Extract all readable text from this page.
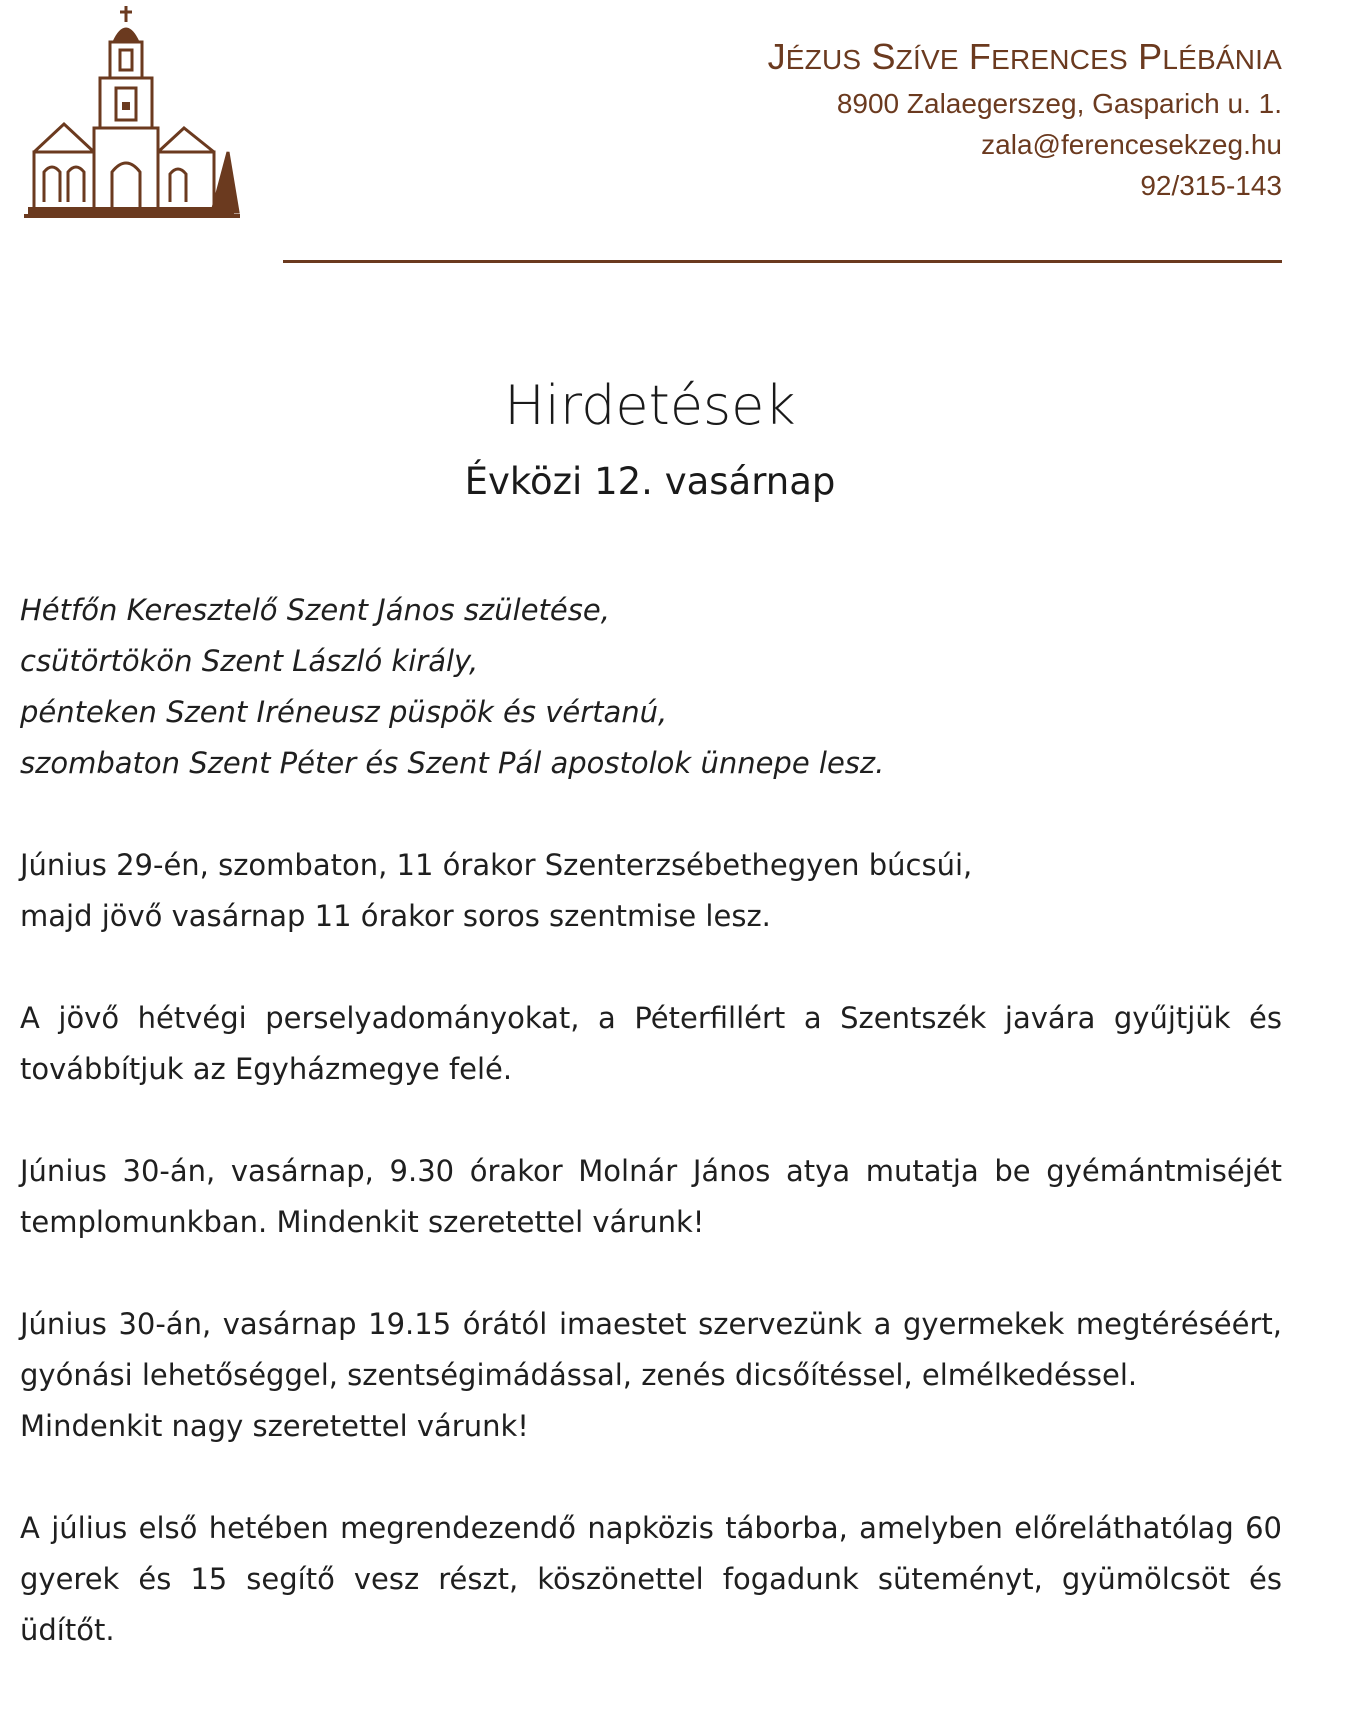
JÉZUS SZÍVE FERENCES PLÉBÁNIA
8900 Zalaegerszeg, Gasparich u. 1.
zala@ferencesekzeg.hu
92/315-143
Hirdetések
Évközi 12. vasárnap

Hétfőn Keresztelő Szent János születése,
csütörtökön Szent László király,
pénteken Szent Iréneusz püspök és vértanú,
szombaton Szent Péter és Szent Pál apostolok ünnepe lesz.

Június 29-én, szombaton, 11 órakor Szenterzsébethegyen búcsúi,
majd jövő vasárnap 11 órakor soros szentmise lesz.

A jövő hétvégi perselyadományokat, a Péterfillért a Szentszék javára gyűjtjük és továbbítjuk az Egyházmegye felé.

Június 30-án, vasárnap, 9.30 órakor Molnár János atya mutatja be gyémántmiséjét templomunkban. Mindenkit szeretettel várunk!

Június 30-án, vasárnap 19.15 órától imaestet szervezünk a gyermekek megtéréséért, gyónási lehetőséggel, szentségimádással, zenés dicsőítéssel, elmélkedéssel.
Mindenkit nagy szeretettel várunk!

A július első hetében megrendezendő napközis táborba, amelyben előreláthatólag 60 gyerek és 15 segítő vesz részt, köszönettel fogadunk süteményt, gyümölcsöt és üdítőt.
